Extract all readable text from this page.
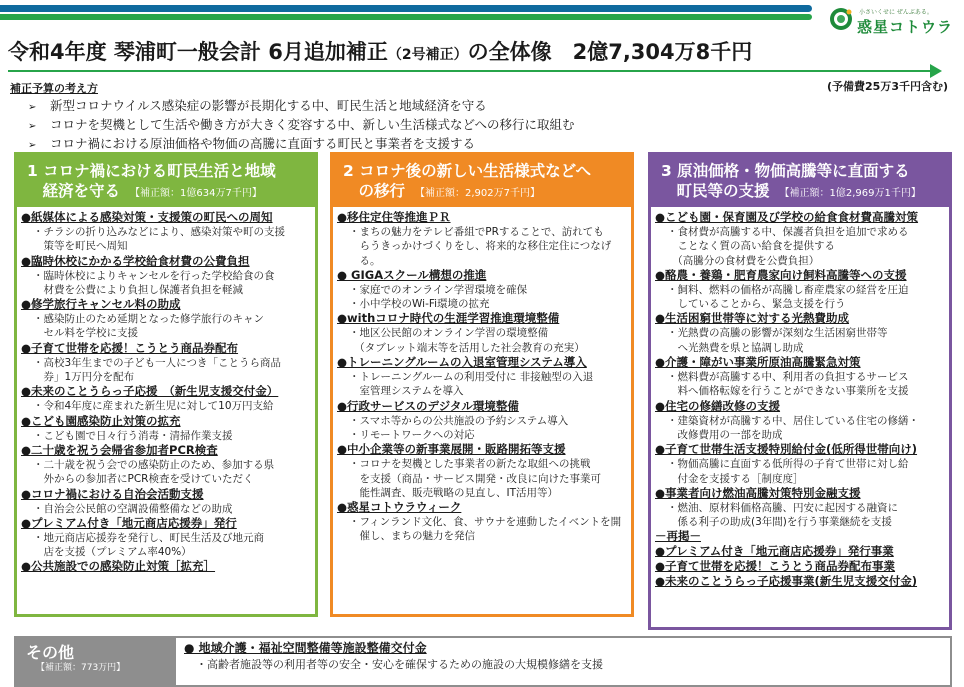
小さいくせに ぜんぶある。
惑星コトウラ
令和4年度 琴浦町一般会計 6月追加補正（2号補正）の全体像　2億7,304万8千円
補正予算の考え方	(予備費25万3千円含む)
➢ 新型コロナウイルス感染症の影響が長期化する中、町民生活と地域経済を守る
➢ コロナを契機として生活や働き方が大きく変容する中、新しい生活様式などへの移行に取組む
➢ コロナ禍における原油価格や物価の高騰に直面する町民と事業者を支援する
1 コロナ禍における町民生活と地域
　経済を守る 【補正額：1億634万7千円】
●紙媒体による感染対策・支援策の町民への周知
・チラシの折り込みなどにより、感染対策や町の支援
　策等を町民へ周知
●臨時休校にかかる学校給食材費の公費負担
・臨時休校によりキャンセルを行った学校給食の食
　材費を公費により負担し保護者負担を軽減
●修学旅行キャンセル料の助成
・感染防止のため延期となった修学旅行のキャン
　セル料を学校に支援
●子育て世帯を応援！こうとう商品券配布
・高校3年生までの子ども一人につき「ことうら商品
　券」1万円分を配布
●未来のことうらっ子応援　（新生児支援交付金）
・令和4年度に産まれた新生児に対して10万円支給
●こども園感染防止対策の拡充
・こども園で日々行う消毒・清掃作業支援
●二十歳を祝う会帰省参加者PCR検査
・二十歳を祝う会での感染防止のため、参加する県
　外からの参加者にPCR検査を受けていただく
●コロナ禍における自治会活動支援
・自治会公民館の空調設備整備などの助成
●プレミアム付き「地元商店応援券」発行
・地元商店応援券を発行し、町民生活及び地元商
　店を支援（プレミアム率40%）
●公共施設での感染防止対策［拡充］
2 コロナ後の新しい生活様式などへ
　の移行 【補正額：2,902万7千円】
●移住定住等推進ＰＲ
・まちの魅力をテレビ番組でPRすることで、訪れても
　らうきっかけづくりをし、将来的な移住定住につなげ
　る。
● GIGAスクール構想の推進
・家庭でのオンライン学習環境を確保
・小中学校のWi-Fi環境の拡充
●withコロナ時代の生涯学習推進環境整備
・地区公民館のオンライン学習の環境整備
　（タブレット端末等を活用した社会教育の充実）
●トレーニングルームの入退室管理システム導入
・トレーニングルームの利用受付に 非接触型の入退
　室管理システムを導入
●行政サービスのデジタル環境整備
・スマホ等からの公共施設の予約システム導入
・リモートワークへの対応
●中小企業等の新事業展開・販路開拓等支援
・コロナを契機とした事業者の新たな取組への挑戦
　を支援（商品・サービス開発・改良に向けた事業可
　能性調査、販売戦略の見直し、IT活用等）
●惑星コトウラウィーク
・フィンランド文化、食、サウナを連動したイベントを開
　催し、まちの魅力を発信
3 原油価格・物価高騰等に直面する
　町民等の支援 【補正額：1億2,969万1千円】
●こども園・保育園及び学校の給食食材費高騰対策
・食材費が高騰する中、保護者負担を追加で求める
　ことなく質の高い給食を提供する
　（高騰分の食材費を公費負担）
●酪農・養鶏・肥育農家向け飼料高騰等への支援
・飼料、燃料の価格が高騰し畜産農家の経営を圧迫
　していることから、緊急支援を行う
●生活困窮世帯等に対する光熱費助成
・光熱費の高騰の影響が深刻な生活困窮世帯等
　へ光熱費を県と協調し助成
●介護・障がい事業所原油高騰緊急対策
・燃料費が高騰する中、利用者の負担するサービス
　料へ価格転嫁を行うことができない事業所を支援
●住宅の修繕改修の支援
・建築資材が高騰する中、居住している住宅の修繕・
　改修費用の一部を助成
●子育て世帯生活支援特別給付金(低所得世帯向け)
・物価高騰に直面する低所得の子育て世帯に対し給
　付金を支援する［制度度］
●事業者向け燃油高騰対策特別金融支援
・燃油、原材料価格高騰、円安に起因する融資に
　係る利子の助成(3年間)を行う事業継続を支援
－再掲－
●プレミアム付き「地元商店応援券」発行事業
●子育て世帯を応援！こうとう商品券配布事業
●未来のことうらっ子応援事業(新生児支援交付金)
その他
【補正額：773万円】
● 地域介護・福祉空間整備等施設整備交付金
・高齢者施設等の利用者等の安全・安心を確保するための施設の大規模修繕を支援
